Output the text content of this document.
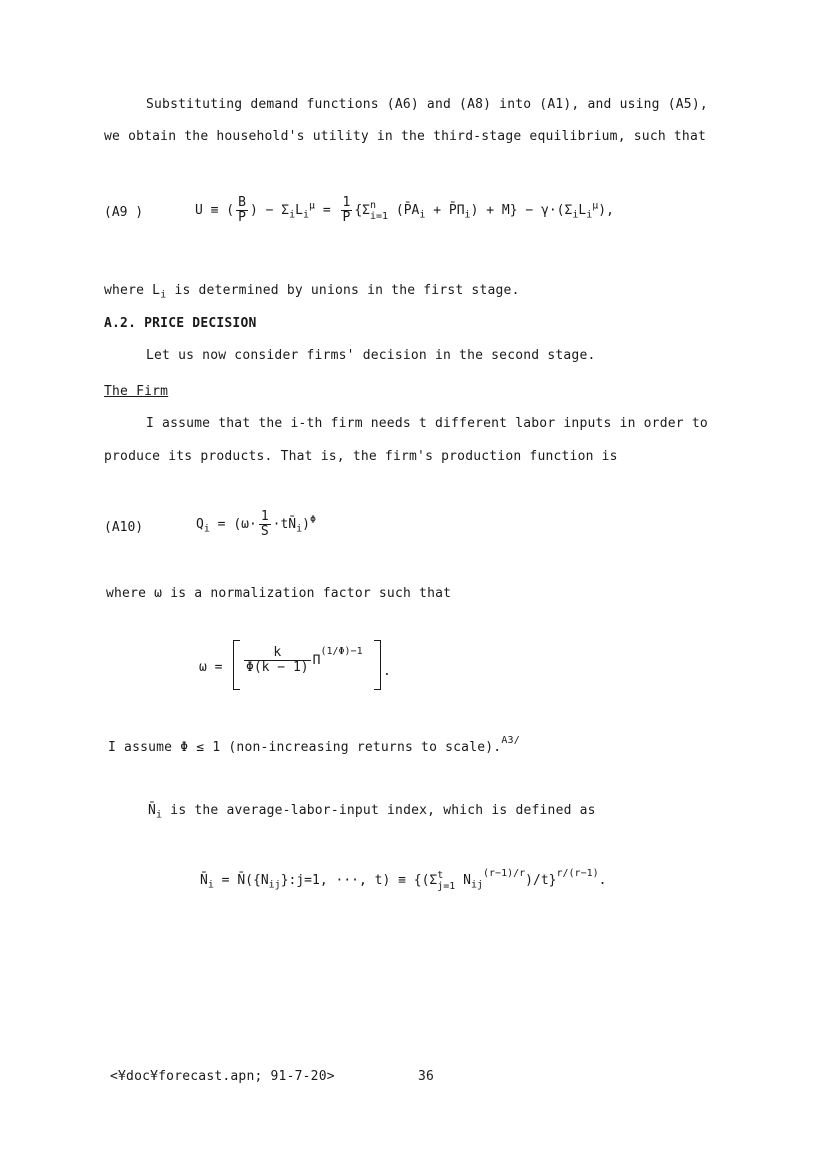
Substituting demand functions (A6) and (A8) into (A1), and using (A5),
we obtain the household's utility in the third-stage equilibrium, such that
(A9 )	U ≡ ( $\frac{B}{P}$ ) − $\Sigma_iL_i^\mu = \frac{1}{P} \{\Sigma$ n
i=1 ($P̄A_i$ + $P̄\Pi_i) + M\} - \gamma\cdot(\Sigma_iL_i^\mu)$,
where $L_i$ is determined by unions in the first stage.
A.2. PRICE DECISION
Let us now consider firms' decision in the second stage.
The Firm
I assume that the i-th firm needs t different labor inputs in order to
produce its products. That is, the firm's production function is
(A10)	$Q_i = (\omega\cdot \frac{1}{S}$ $\cdot tN̄_i)^\Phi$
where ω is a normalization factor such that
$\omega = \frac{k}{\Phi(k - 1)} \Pi^{(1/\Phi)-1}$
.
I assume Φ ≤ 1 (non-increasing returns to scale).$^{A3/}$
$N̄_i$ is the average-labor-input index, which is defined as
$N̄_i$ = $N̄(\{N_{ij}\}:j=1$, ···, t) ≡ {(Σ t
j=1 $N_{ij}^{(r-1)/r})/t\}^{r/(r-1)}$.
<¥doc¥forecast.apn; 91-7-20>	36
